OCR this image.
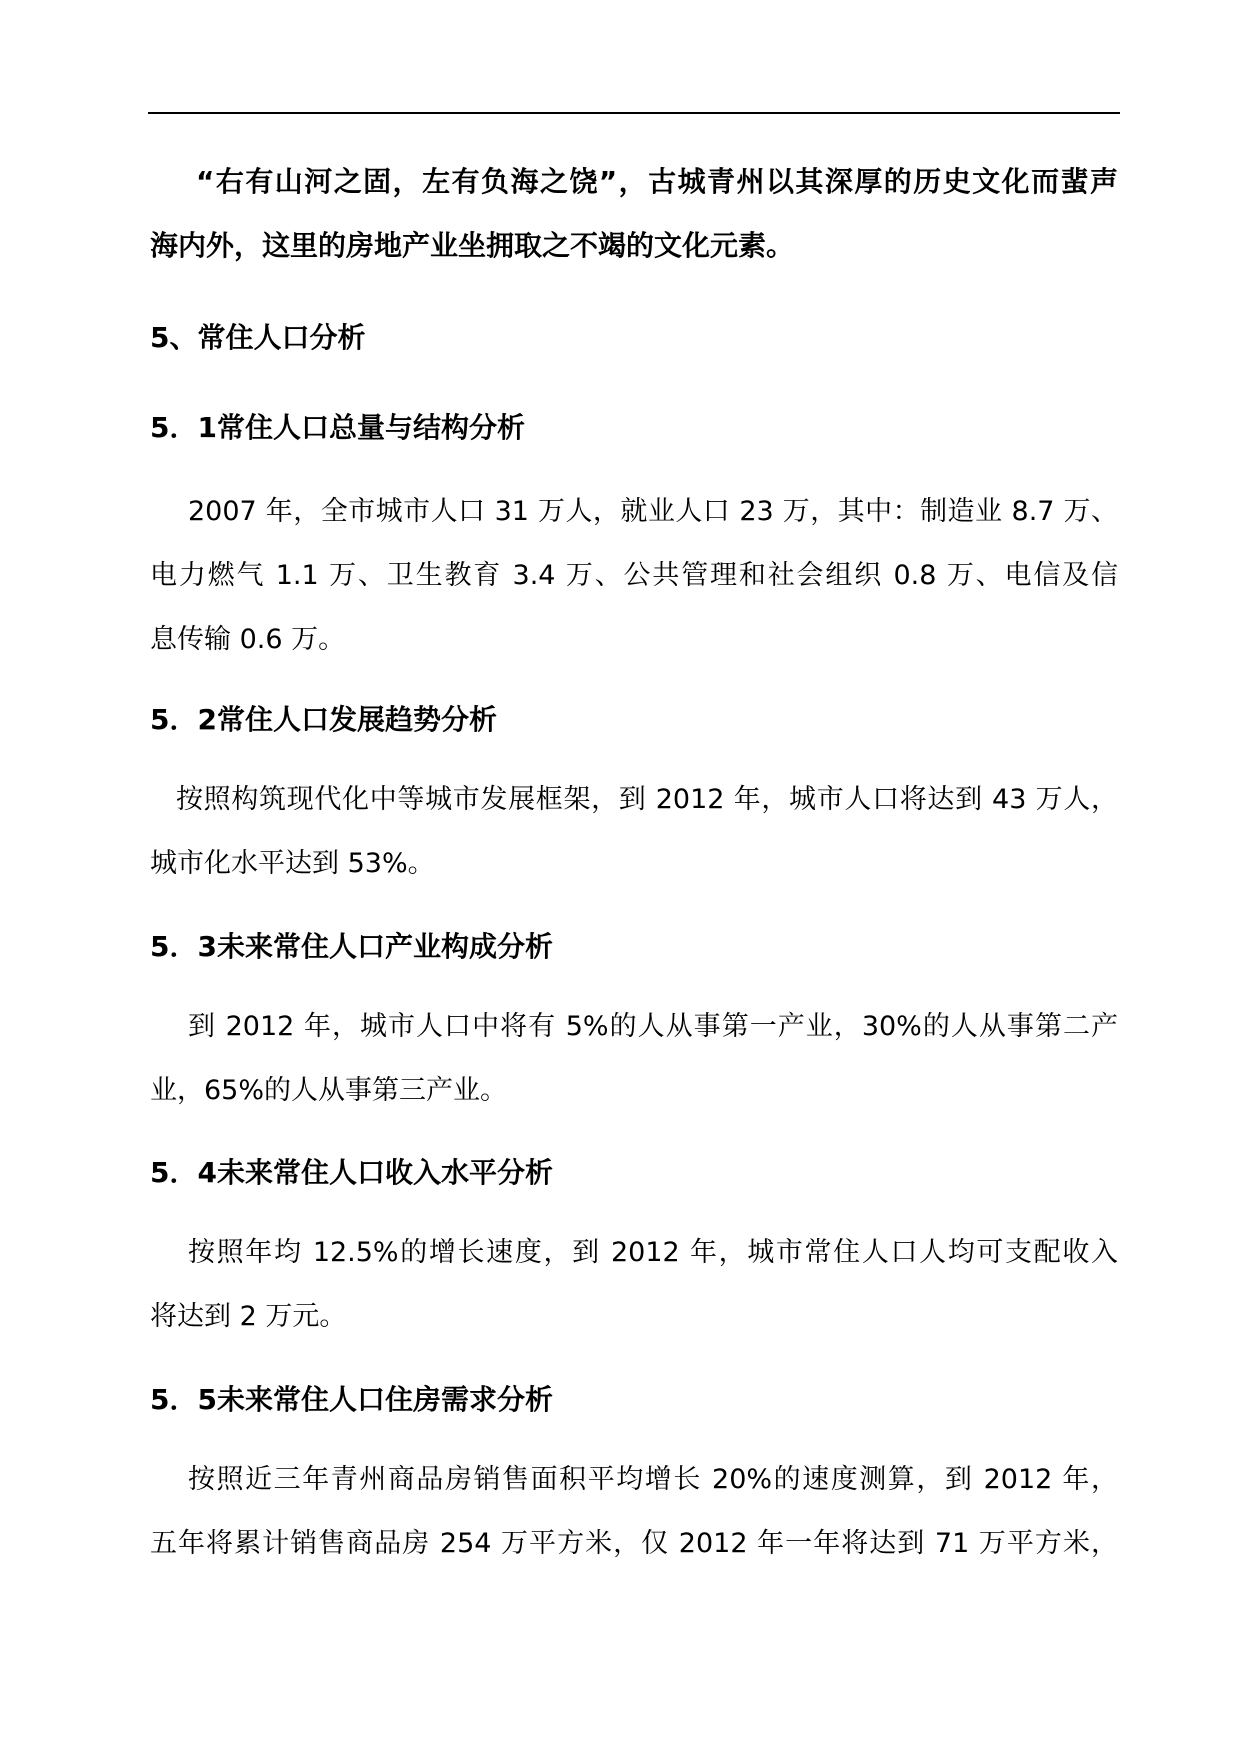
“右有山河之固，左有负海之饶”，古城青州以其深厚的历史文化而蜚声
海内外，这里的房地产业坐拥取之不竭的文化元素。
5、常住人口分析
5．1常住人口总量与结构分析
2007 年，全市城市人口 31 万人，就业人口 23 万，其中：制造业 8.7 万、
电力燃气 1.1 万、卫生教育 3.4 万、公共管理和社会组织 0.8 万、电信及信
息传输 0.6 万。
5．2常住人口发展趋势分析
按照构筑现代化中等城市发展框架，到 2012 年，城市人口将达到 43 万人，
城市化水平达到 53%。
5．3未来常住人口产业构成分析
到 2012 年，城市人口中将有 5%的人从事第一产业，30%的人从事第二产
业，65%的人从事第三产业。
5．4未来常住人口收入水平分析
按照年均 12.5%的增长速度，到 2012 年，城市常住人口人均可支配收入
将达到 2 万元。
5．5未来常住人口住房需求分析
按照近三年青州商品房销售面积平均增长 20%的速度测算，到 2012 年，
五年将累计销售商品房 254 万平方米，仅 2012 年一年将达到 71 万平方米，
